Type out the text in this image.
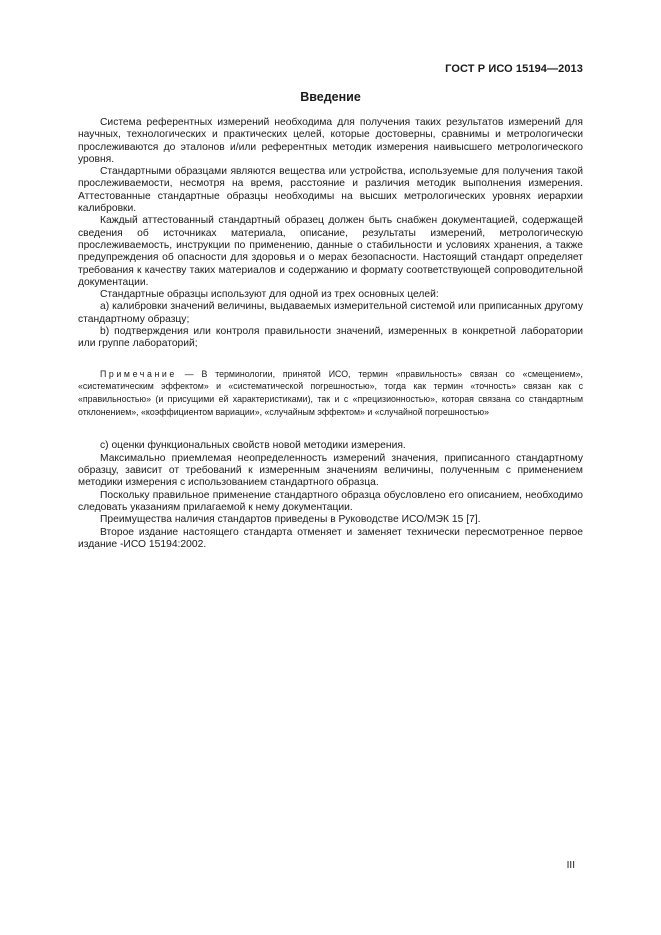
ГОСТ Р ИСО 15194—2013
Введение

Система референтных измерений необходима для получения таких результатов измерений для научных, технологических и практических целей, которые достоверны, сравнимы и метрологически прослеживаются до эталонов и/или референтных методик измерения наивысшего метрологического уровня.

Стандартными образцами являются вещества или устройства, используемые для получения такой прослеживаемости, несмотря на время, расстояние и различия методик выполнения измерения. Аттестованные стандартные образцы необходимы на высших метрологических уровнях иерархии калибровки.

Каждый аттестованный стандартный образец должен быть снабжен документацией, содержащей сведения об источниках материала, описание, результаты измерений, метрологическую прослеживаемость, инструкции по применению, данные о стабильности и условиях хранения, а также предупреждения об опасности для здоровья и о мерах безопасности. Настоящий стандарт определяет требования к качеству таких материалов и содержанию и формату соответствующей сопроводительной документации.

Стандартные образцы используют для одной из трех основных целей:

a) калибровки значений величины, выдаваемых измерительной системой или приписанных другому стандартному образцу;

b) подтверждения или контроля правильности значений, измеренных в конкретной лаборатории или группе лабораторий;

Примечание — В терминологии, принятой ИСО, термин «правильность» связан со «смещением», «систематическим эффектом» и «систематической погрешностью», тогда как термин «точность» связан как с «правильностью» (и присущими ей характеристиками), так и с «прецизионностью», которая связана со стандартным отклонением», «коэффициентом вариации», «случайным эффектом» и «случайной погрешностью»

c) оценки функциональных свойств новой методики измерения.

Максимально приемлемая неопределенность измерений значения, приписанного стандартному образцу, зависит от требований к измеренным значениям величины, полученным с применением методики измерения с использованием стандартного образца.

Поскольку правильное применение стандартного образца обусловлено его описанием, необходимо следовать указаниям прилагаемой к нему документации.

Преимущества наличия стандартов приведены в Руководстве ИСО/МЭК 15 [7].

Второе издание настоящего стандарта отменяет и заменяет технически пересмотренное первое издание -ИСО 15194:2002.

III
